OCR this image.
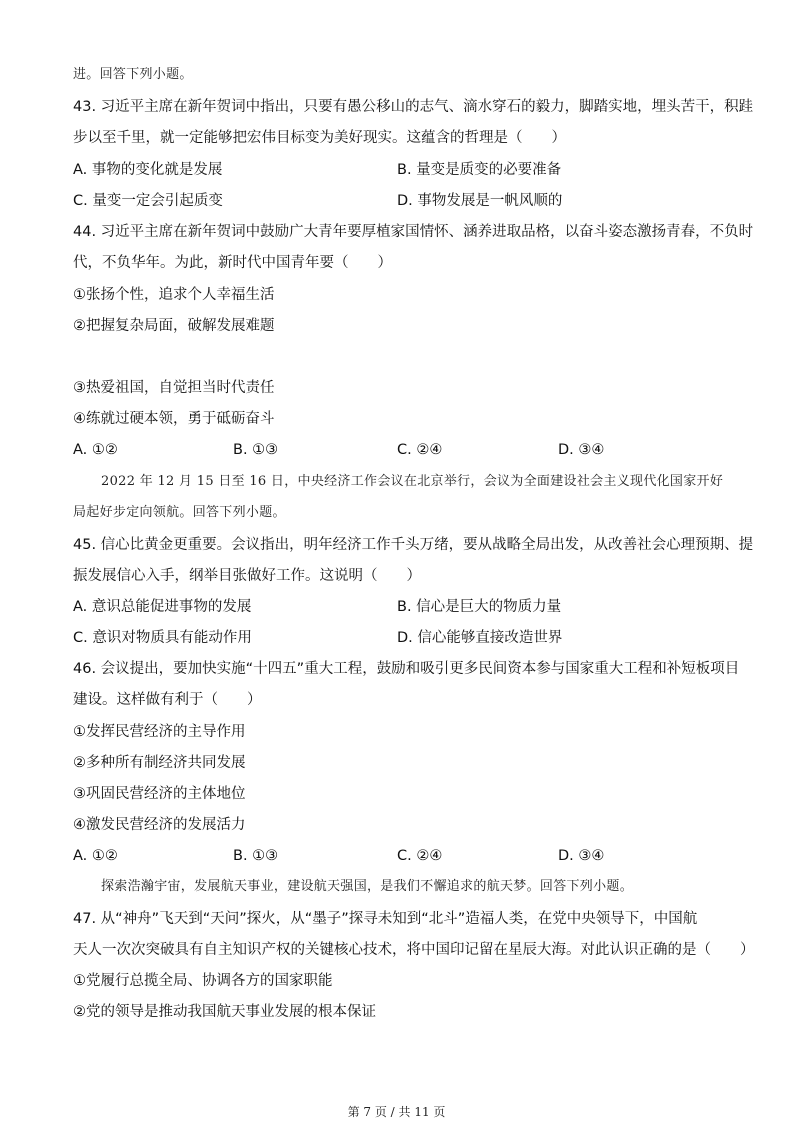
进。回答下列小题。
43. 习近平主席在新年贺词中指出，只要有愚公移山的志气、滴水穿石的毅力，脚踏实地，埋头苦干，积跬
步以至千里，就一定能够把宏伟目标变为美好现实。这蕴含的哲理是（　　）
A. 事物的变化就是发展	B. 量变是质变的必要准备
C. 量变一定会引起质变	D. 事物发展是一帆风顺的
44. 习近平主席在新年贺词中鼓励广大青年要厚植家国情怀、涵养进取品格，以奋斗姿态激扬青春，不负时
代，不负华年。为此，新时代中国青年要（　　）
①张扬个性，追求个人幸福生活
②把握复杂局面，破解发展难题
③热爱祖国，自觉担当时代责任
④练就过硬本领，勇于砥砺奋斗
A. ①②	B. ①③	C. ②④	D. ③④
2022 年 12 月 15 日至 16 日，中央经济工作会议在北京举行，会议为全面建设社会主义现代化国家开好
局起好步定向领航。回答下列小题。
45. 信心比黄金更重要。会议指出，明年经济工作千头万绪，要从战略全局出发，从改善社会心理预期、提
振发展信心入手，纲举目张做好工作。这说明（　　）
A. 意识总能促进事物的发展	B. 信心是巨大的物质力量
C. 意识对物质具有能动作用	D. 信心能够直接改造世界
46. 会议提出，要加快实施“十四五”重大工程，鼓励和吸引更多民间资本参与国家重大工程和补短板项目
建设。这样做有利于（　　）
①发挥民营经济的主导作用
②多种所有制经济共同发展
③巩固民营经济的主体地位
④激发民营经济的发展活力
A. ①②	B. ①③	C. ②④	D. ③④
探索浩瀚宇宙，发展航天事业，建设航天强国，是我们不懈追求的航天梦。回答下列小题。
47. 从“神舟”飞天到“天问”探火，从“墨子”探寻未知到“北斗”造福人类，在党中央领导下，中国航
天人一次次突破具有自主知识产权的关键核心技术，将中国印记留在星辰大海。对此认识正确的是（　　）
①党履行总揽全局、协调各方的国家职能
②党的领导是推动我国航天事业发展的根本保证
第 7 页 / 共 11 页
